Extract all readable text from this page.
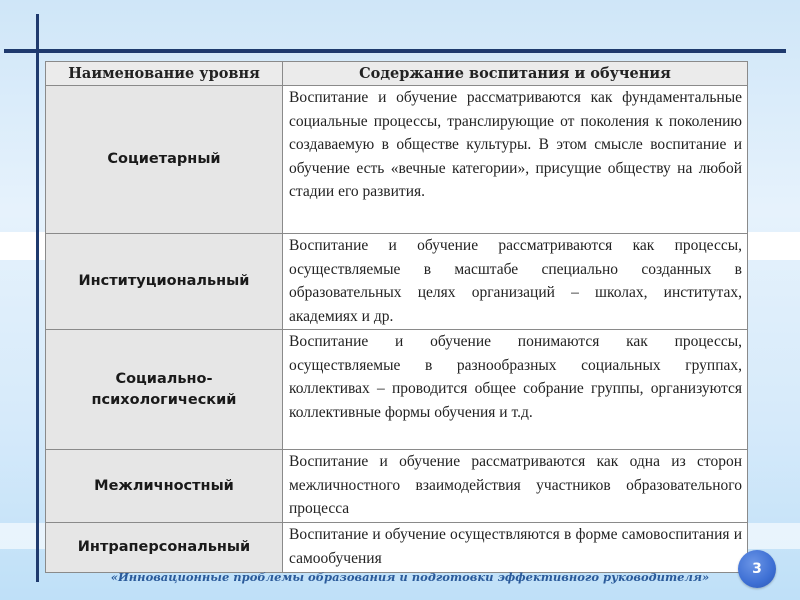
Наименование уровня	Содержание воспитания и обучения
Социетарный	Воспитание и обучение рассматриваются как фундаментальные социальные процессы, транслирующие от поколения к поколению создаваемую в обществе культуры. В этом смысле воспитание и обучение есть «вечные категории», присущие обществу на любой стадии его развития.
Институциональный	Воспитание и обучение рассматриваются как процессы, осуществляемые в масштабе специально созданных в образовательных целях организаций – школах, институтах, академиях и др.
Социально-психологический	Воспитание и обучение понимаются как процессы, осуществляемые в разнообразных социальных группах, коллективах – проводится общее собрание группы, организуются коллективные формы обучения и т.д.
Межличностный	Воспитание и обучение рассматриваются как одна из сторон межличностного взаимодействия участников образовательного процесса
Интраперсональный	Воспитание и обучение осуществляются в форме самовоспитания и самообучения
«Инновационные проблемы образования и подготовки эффективного руководителя»	3
